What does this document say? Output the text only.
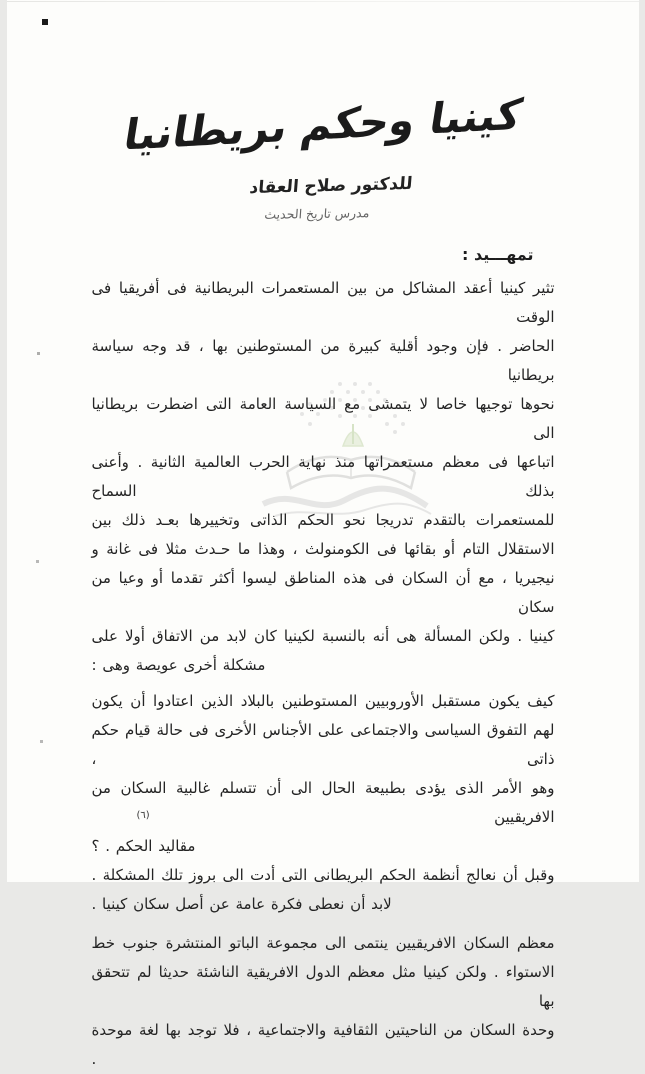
كينيا وحكم بريطانيا
للدكتور صلاح العقاد
مدرس تاريخ الحديث
تمهـــيد :
تثير كينيا أعقد المشاكل من بين المستعمرات البريطانية فى أفريقيا فى الوقت
الحاضر . فإن وجود أقلية كبيرة من المستوطنين بها ، قد وجه سياسة بريطانيا
نحوها توجيها خاصا لا يتمشى مع السياسة العامة التى اضطرت بريطانيا الى
اتباعها فى معظم مستعمراتها منذ نهاية الحرب العالمية الثانية . وأعنى بذلك السماح
للمستعمرات بالتقدم تدريجا نحو الحكم الذاتى وتخييرها بعـد ذلك بين
الاستقلال التام أو بقائها فى الكومنولث ، وهذا ما حـدث مثلا فى غانة و
نيجيريا ، مع أن السكان فى هذه المناطق ليسوا أكثر تقدما أو وعيا من سكان
كينيا . ولكن المسألة هى أنه بالنسبة لكينيا كان لابد من الاتفاق أولا على
مشكلة أخرى عويصة وهى :
كيف يكون مستقبل الأوروبيين المستوطنين بالبلاد الذين اعتادوا أن يكون
لهم التفوق السياسى والاجتماعى على الأجناس الأخرى فى حالة قيام حكم ذاتى ،
وهو الأمر الذى يؤدى بطبيعة الحال الى أن تتسلم غالبية السكان من الافريقيين
مقاليد الحكم . ؟
وقبل أن نعالج أنظمة الحكم البريطانى التى أدت الى بروز تلك المشكلة .
لابد أن نعطى فكرة عامة عن أصل سكان كينيا .
معظم السكان الافريقيين ينتمى الى مجموعة الباتو المنتشرة جنوب خط
الاستواء . ولكن كينيا مثل معظم الدول الافريقية الناشئة حديثا لم تتحقق بها
وحدة السكان من الناحيتين الثقافية والاجتماعية ، فلا توجد بها لغة موحدة .
(٦)
